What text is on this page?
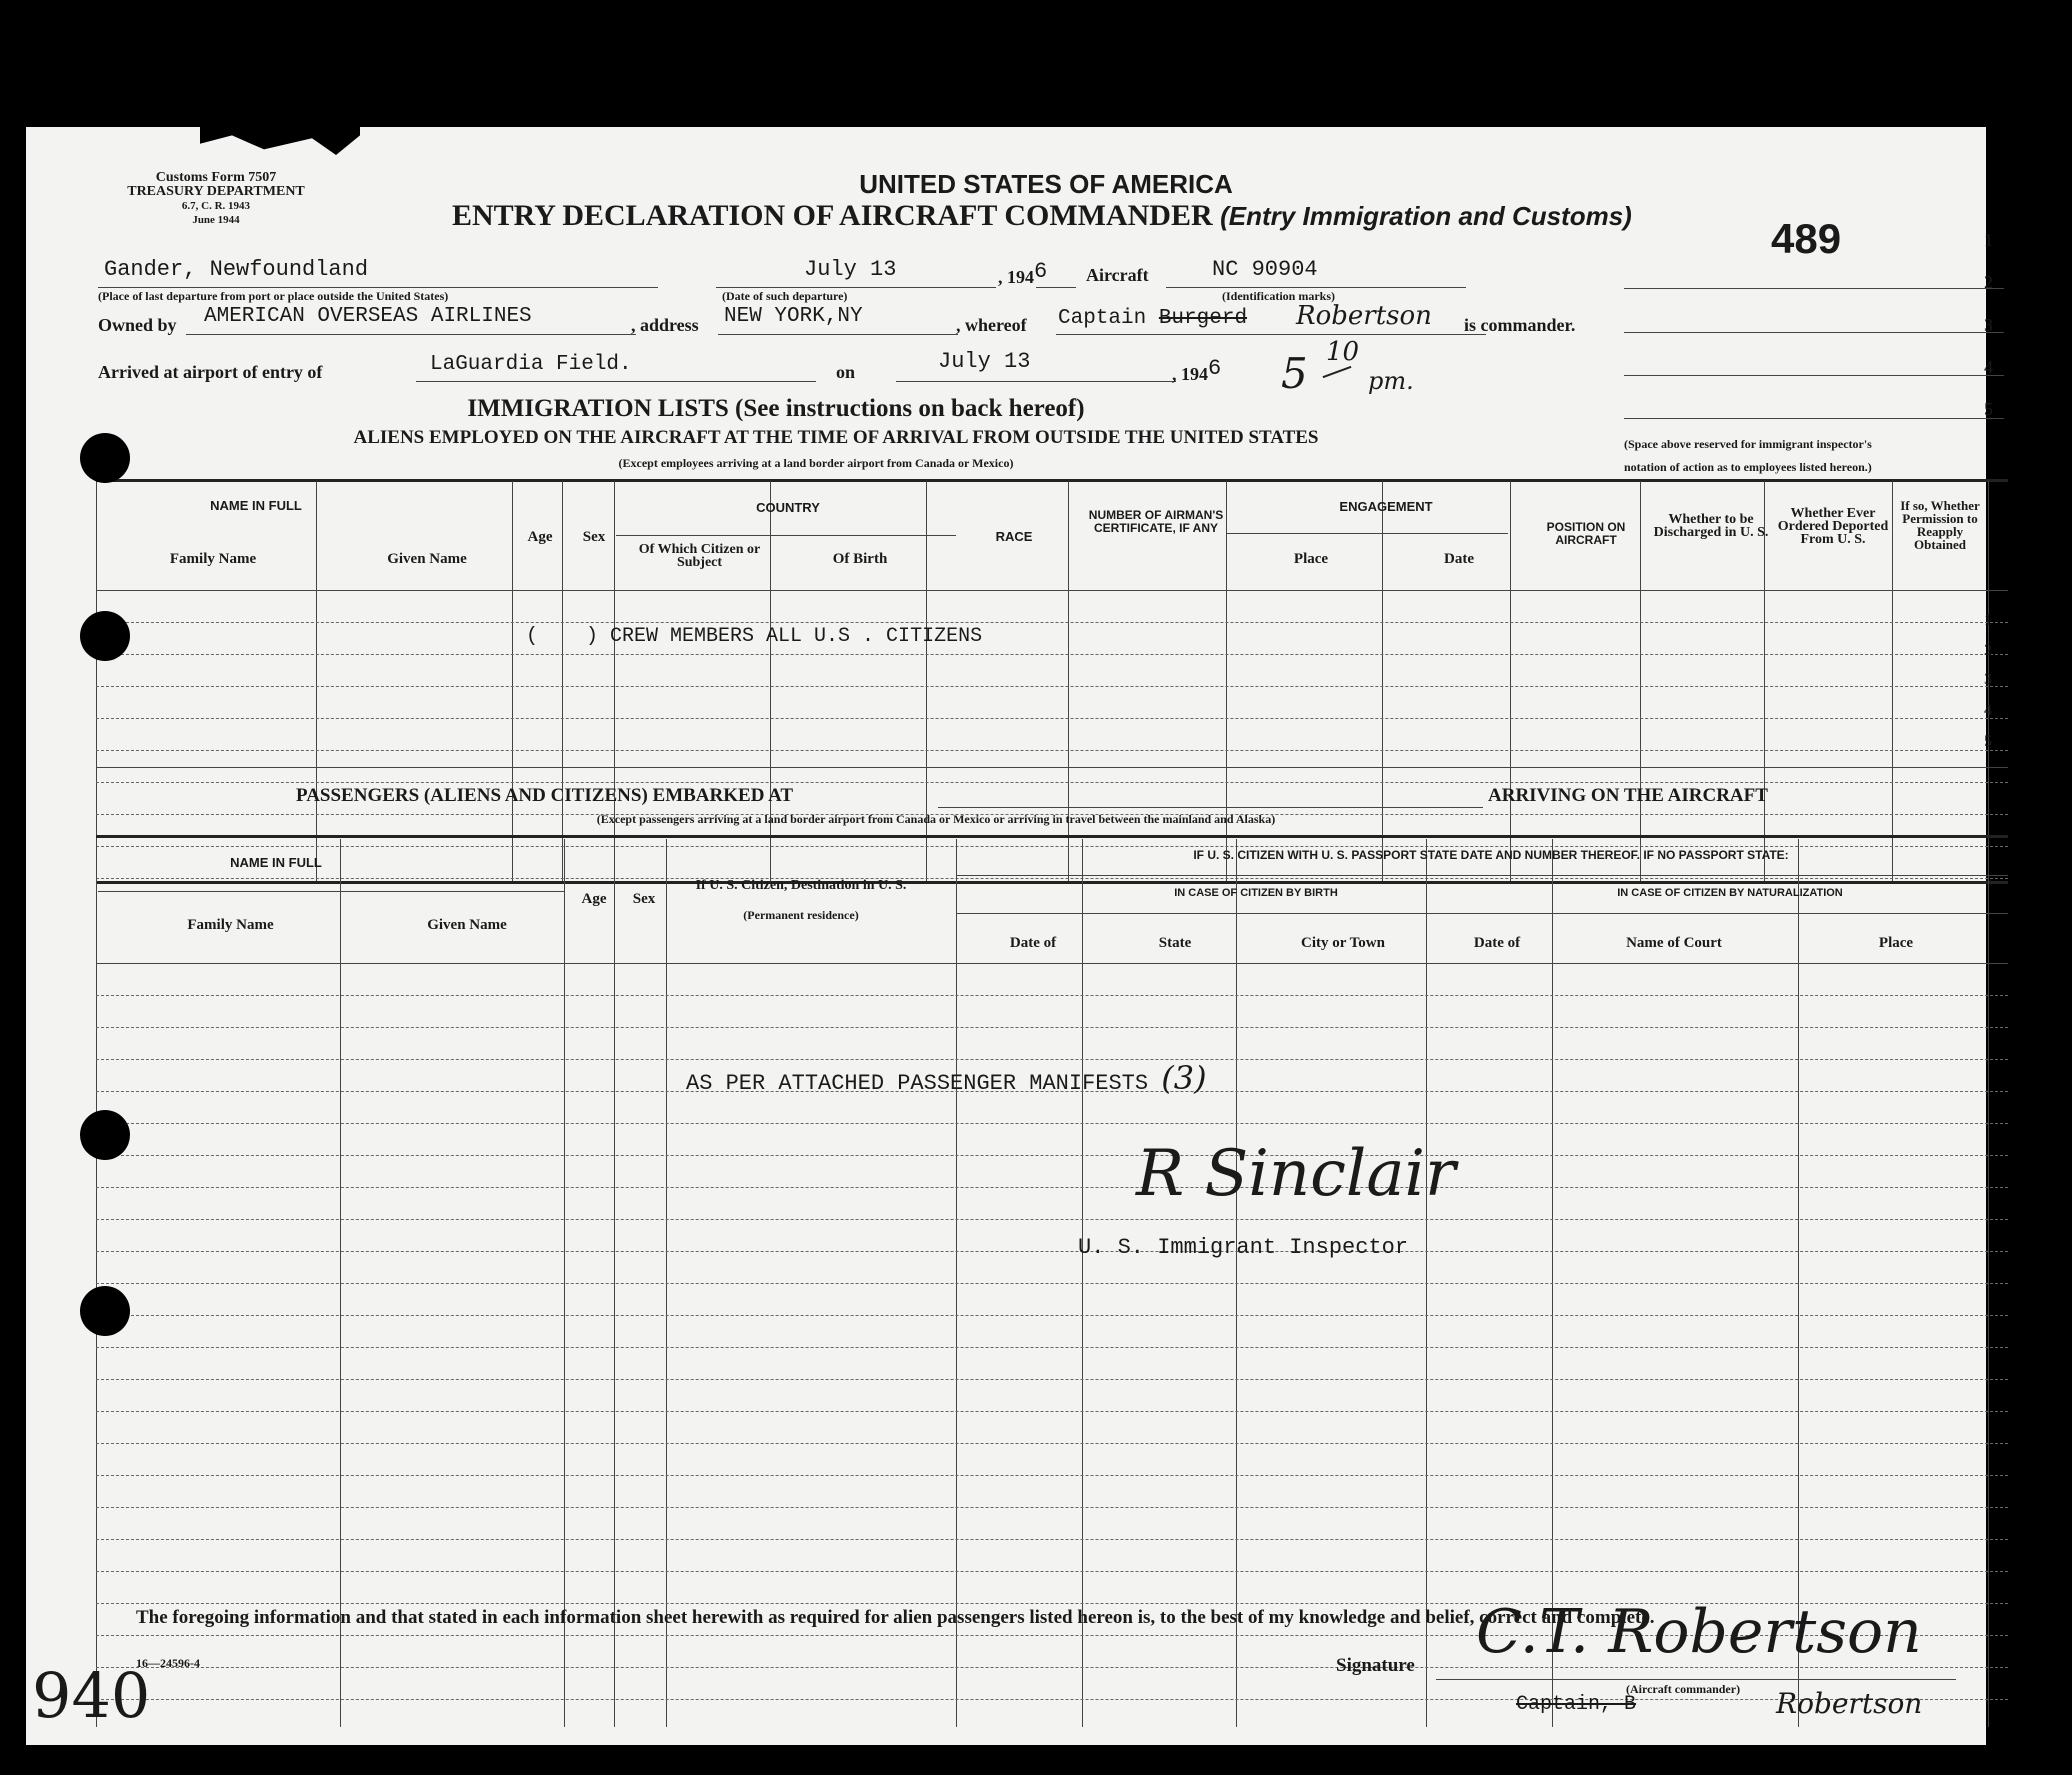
Customs Form 7507
TREASURY DEPARTMENT
6.7, C. R. 1943
June 1944
UNITED STATES OF AMERICA
ENTRY DECLARATION OF AIRCRAFT COMMANDER (Entry Immigration and Customs)	489	1
2
3
4
5
Gander, Newfoundland
(Place of last departure from port or place outside the United States)
July 13
(Date of such departure)
, 1946 Aircraft	NC 90904
(Identification marks)
Owned by AMERICAN OVERSEAS AIRLINES	, address NEW YORK,NY	, whereof Captain Burgerd Robertson is commander.
Arrived at airport of entry of	LaGuardia Field.	on	July 13	, 1946 5 10
pm.
IMMIGRATION LISTS (See instructions on back hereof)
ALIENS EMPLOYED ON THE AIRCRAFT AT THE TIME OF ARRIVAL FROM OUTSIDE THE UNITED STATES
(Except employees arriving at a land border airport from Canada or Mexico)
(Space above reserved for immigrant inspector's
notation of action as to employees listed hereon.)
NAME IN FULL
Family Name	Given Name
Age	Sex
COUNTRY
Of Which Citizen or Subject	Of Birth
RACE
NUMBER OF AIRMAN'S CERTIFICATE, IF ANY
ENGAGEMENT
Place	Date
POSITION ON AIRCRAFT
Whether to be Discharged in U. S.
Whether Ever Ordered Deported From U. S.
If so, Whether Permission to Reapply Obtained
(    ) CREW MEMBERS ALL U.S . CITIZENS
1
2
3
4
5
PASSENGERS (ALIENS AND CITIZENS) EMBARKED AT	ARRIVING ON THE AIRCRAFT
(Except passengers arriving at a land border airport from Canada or Mexico or arriving in travel between the mainland and Alaska)
NAME IN FULL
Family Name	Given Name
Age	Sex
If U. S. Citizen, Destination in U. S.
(Permanent residence)
IF U. S. CITIZEN WITH U. S. PASSPORT STATE DATE AND NUMBER THEREOF. IF NO PASSPORT STATE:
IN CASE OF CITIZEN BY BIRTH	IN CASE OF CITIZEN BY NATURALIZATION
Date of	State	City or Town	Date of	Name of Court	Place
AS PER ATTACHED PASSENGER MANIFESTS (3)
R Sinclair
U. S. Immigrant Inspector
The foregoing information and that stated in each information sheet herewith as required for alien passengers listed hereon is, to the best of my knowledge and belief, correct and complete.
Signature C.T. Robertson
(Aircraft commander)
Captain, B	Robertson
16—24596-4
940
